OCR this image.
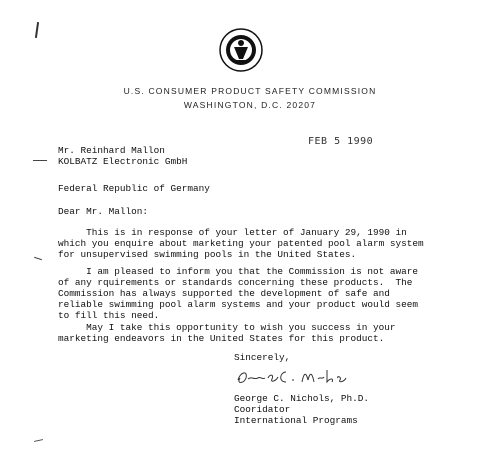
U.S. CONSUMER PRODUCT SAFETY COMMISSION
WASHINGTON, D.C. 20207
FEB 5 1990
Mr. Reinhard Mallon
KOLBATZ Electronic GmbH
Federal Republic of Germany
Dear Mr. Mallon:
This is in response of your letter of January 29, 1990 in
which you enquire about marketing your patented pool alarm system
for unsupervised swimming pools in the United States.
I am pleased to inform you that the Commission is not aware
of any rquirements or standards concerning these products.  The
Commission has always supported the development of safe and
reliable swimming pool alarm systems and your product would seem
to fill this need.
May I take this opportunity to wish you success in your
marketing endeavors in the United States for this product.
Sincerely,
George C. Nichols, Ph.D.
Cooridator
International Programs
